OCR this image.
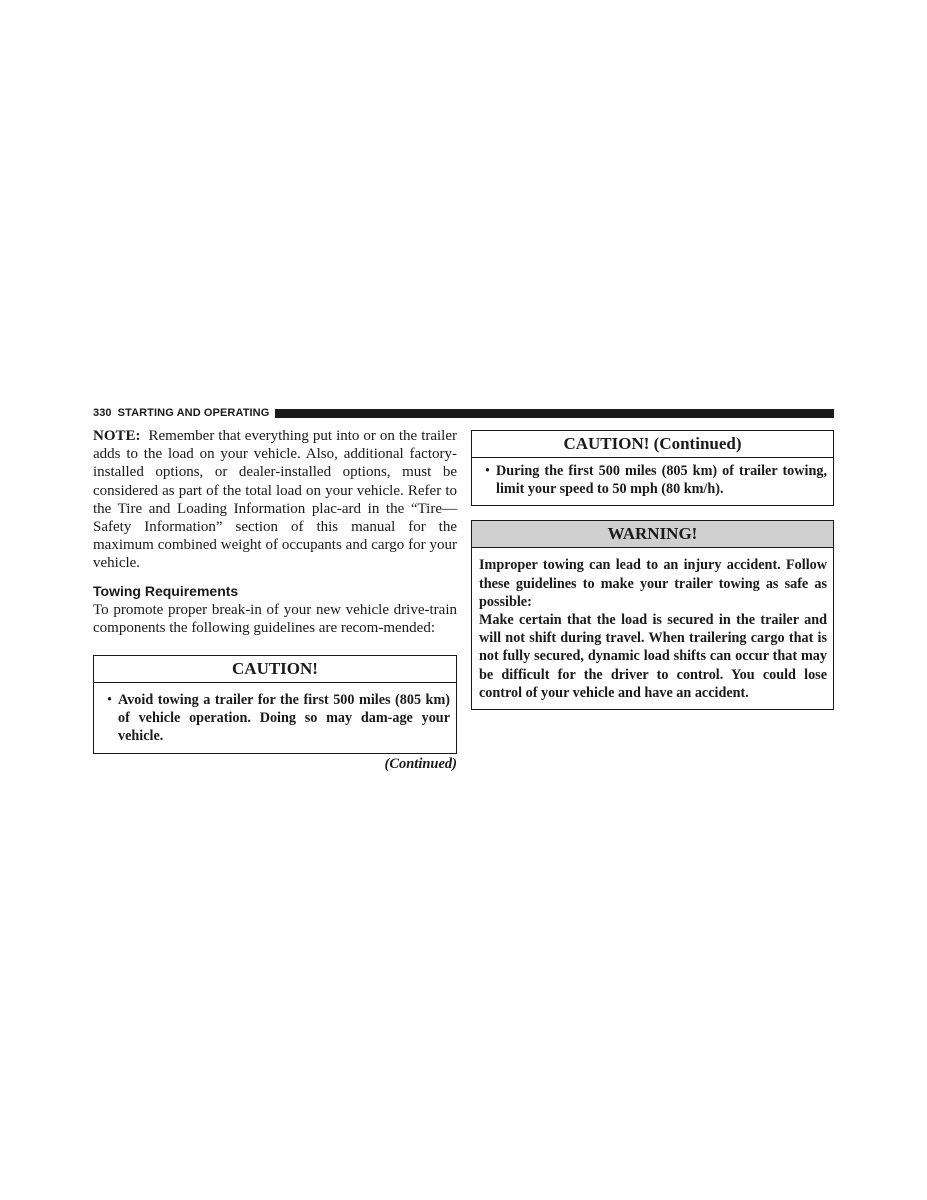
330 STARTING AND OPERATING

NOTE: Remember that everything put into or on the trailer adds to the load on your vehicle. Also, additional factory-installed options, or dealer-installed options, must be considered as part of the total load on your vehicle. Refer to the Tire and Loading Information plac-ard in the “Tire—Safety Information” section of this manual for the maximum combined weight of occupants and cargo for your vehicle.

Towing Requirements

To promote proper break-in of your new vehicle drive-train components the following guidelines are recom-mended:

CAUTION!
• Avoid towing a trailer for the first 500 miles (805 km) of vehicle operation. Doing so may dam-age your vehicle.
(Continued)
CAUTION! (Continued)
• During the first 500 miles (805 km) of trailer towing, limit your speed to 50 mph (80 km/h).
WARNING!

Improper towing can lead to an injury accident. Follow these guidelines to make your trailer towing as safe as possible:

Make certain that the load is secured in the trailer and will not shift during travel. When trailering cargo that is not fully secured, dynamic load shifts can occur that may be difficult for the driver to control. You could lose control of your vehicle and have an accident.
